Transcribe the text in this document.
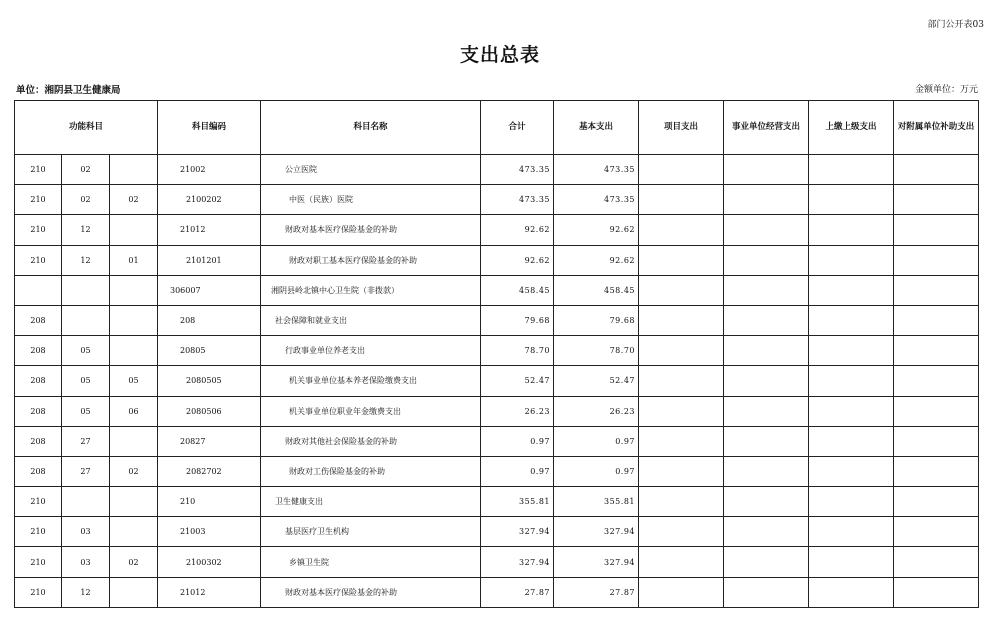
部门公开表03
支出总表
单位：湘阴县卫生健康局	金额单位：万元
功能科目			科目编码	科目名称	合计	基本支出	项目支出	事业单位经营支出	上缴上级支出	对附属单位补助支出
210	02		21002	公立医院	473.35	473.35				
210	02	02	2100202	中医（民族）医院	473.35	473.35				
210	12		21012	财政对基本医疗保险基金的补助	92.62	92.62				
210	12	01	2101201	财政对职工基本医疗保险基金的补助	92.62	92.62				
			306007	湘阴县岭北镇中心卫生院（非拨款）	458.45	458.45				
208			208	社会保障和就业支出	79.68	79.68				
208	05		20805	行政事业单位养老支出	78.70	78.70				
208	05	05	2080505	机关事业单位基本养老保险缴费支出	52.47	52.47				
208	05	06	2080506	机关事业单位职业年金缴费支出	26.23	26.23				
208	27		20827	财政对其他社会保险基金的补助	0.97	0.97				
208	27	02	2082702	财政对工伤保险基金的补助	0.97	0.97				
210			210	卫生健康支出	355.81	355.81				
210	03		21003	基层医疗卫生机构	327.94	327.94				
210	03	02	2100302	乡镇卫生院	327.94	327.94				
210	12		21012	财政对基本医疗保险基金的补助	27.87	27.87				
